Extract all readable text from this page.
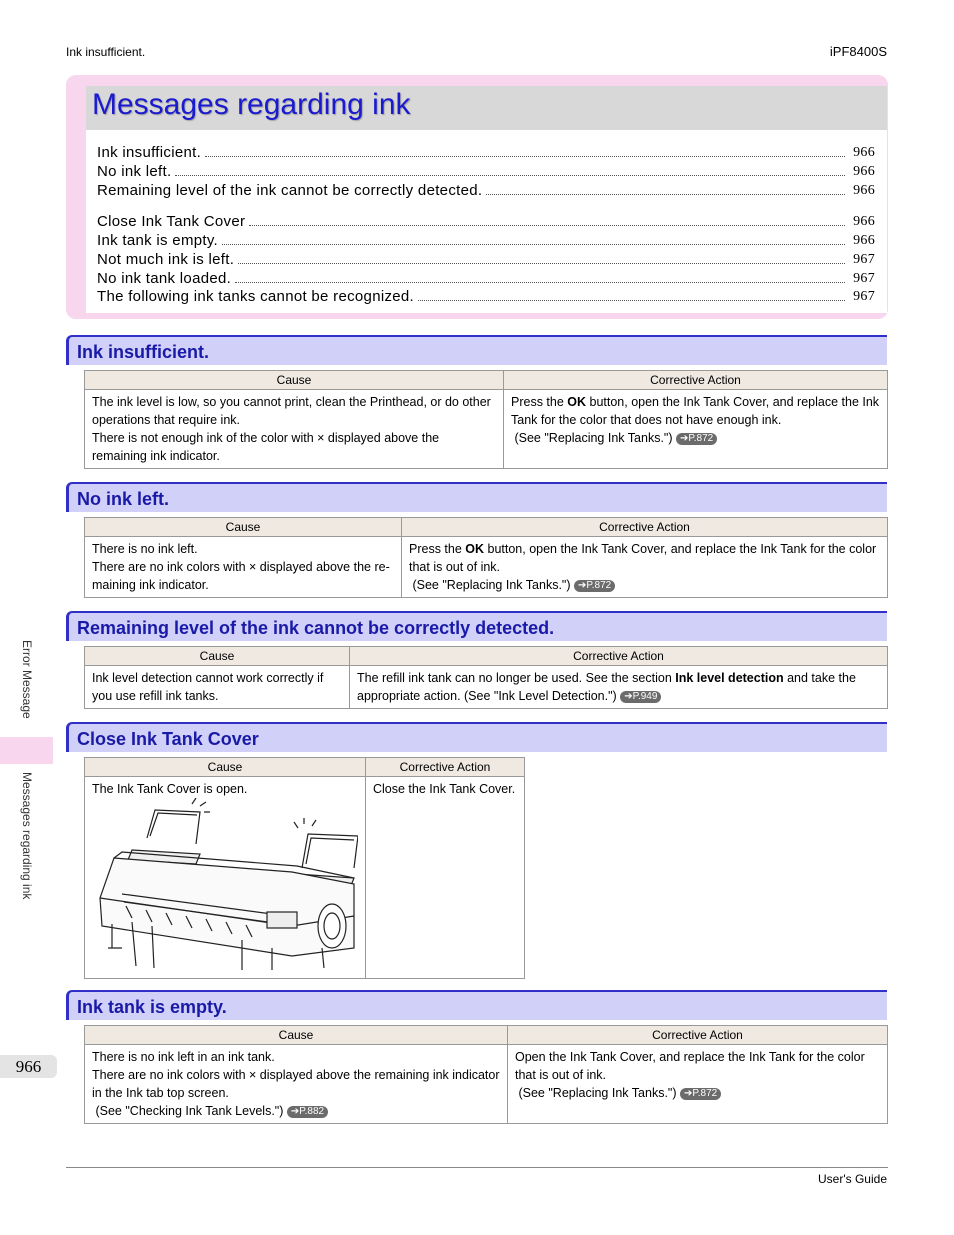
Ink insufficient.	iPF8400S
Messages regarding ink
Ink insufficient.	966
No ink left.	966
Remaining level of the ink cannot be correctly detected.	966
Close Ink Tank Cover	966
Ink tank is empty.	966
Not much ink is left.	967
No ink tank loaded.	967
The following ink tanks cannot be recognized.	967
Ink insufficient.
Cause	Corrective Action
The ink level is low, so you cannot print, clean the Printhead, or do other operations that require ink.
There is not enough ink of the color with × displayed above the remaining ink indicator.	Press the OK button, open the Ink Tank Cover, and replace the Ink Tank for the color that does not have enough ink.
(See "Replacing Ink Tanks.") ➔P.872
No ink left.
Cause	Corrective Action
There is no ink left.
There are no ink colors with × displayed above the re-maining ink indicator.	Press the OK button, open the Ink Tank Cover, and replace the Ink Tank for the color that is out of ink.
(See "Replacing Ink Tanks.") ➔P.872
Remaining level of the ink cannot be correctly detected.
Cause	Corrective Action
Ink level detection cannot work correctly if you use refill ink tanks.	The refill ink tank can no longer be used. See the section Ink level detection and take the appropriate action. (See "Ink Level Detection.") ➔P.949
Close Ink Tank Cover
Cause	Corrective Action
The Ink Tank Cover is open.	Close the Ink Tank Cover.
Ink tank is empty.
Cause	Corrective Action
There is no ink left in an ink tank.
There are no ink colors with × displayed above the remaining ink indicator in the Ink tab top screen.
(See "Checking Ink Tank Levels.") ➔P.882	Open the Ink Tank Cover, and replace the Ink Tank for the color that is out of ink.
(See "Replacing Ink Tanks.") ➔P.872
Error Message
Messages regarding ink
966
User's Guide
